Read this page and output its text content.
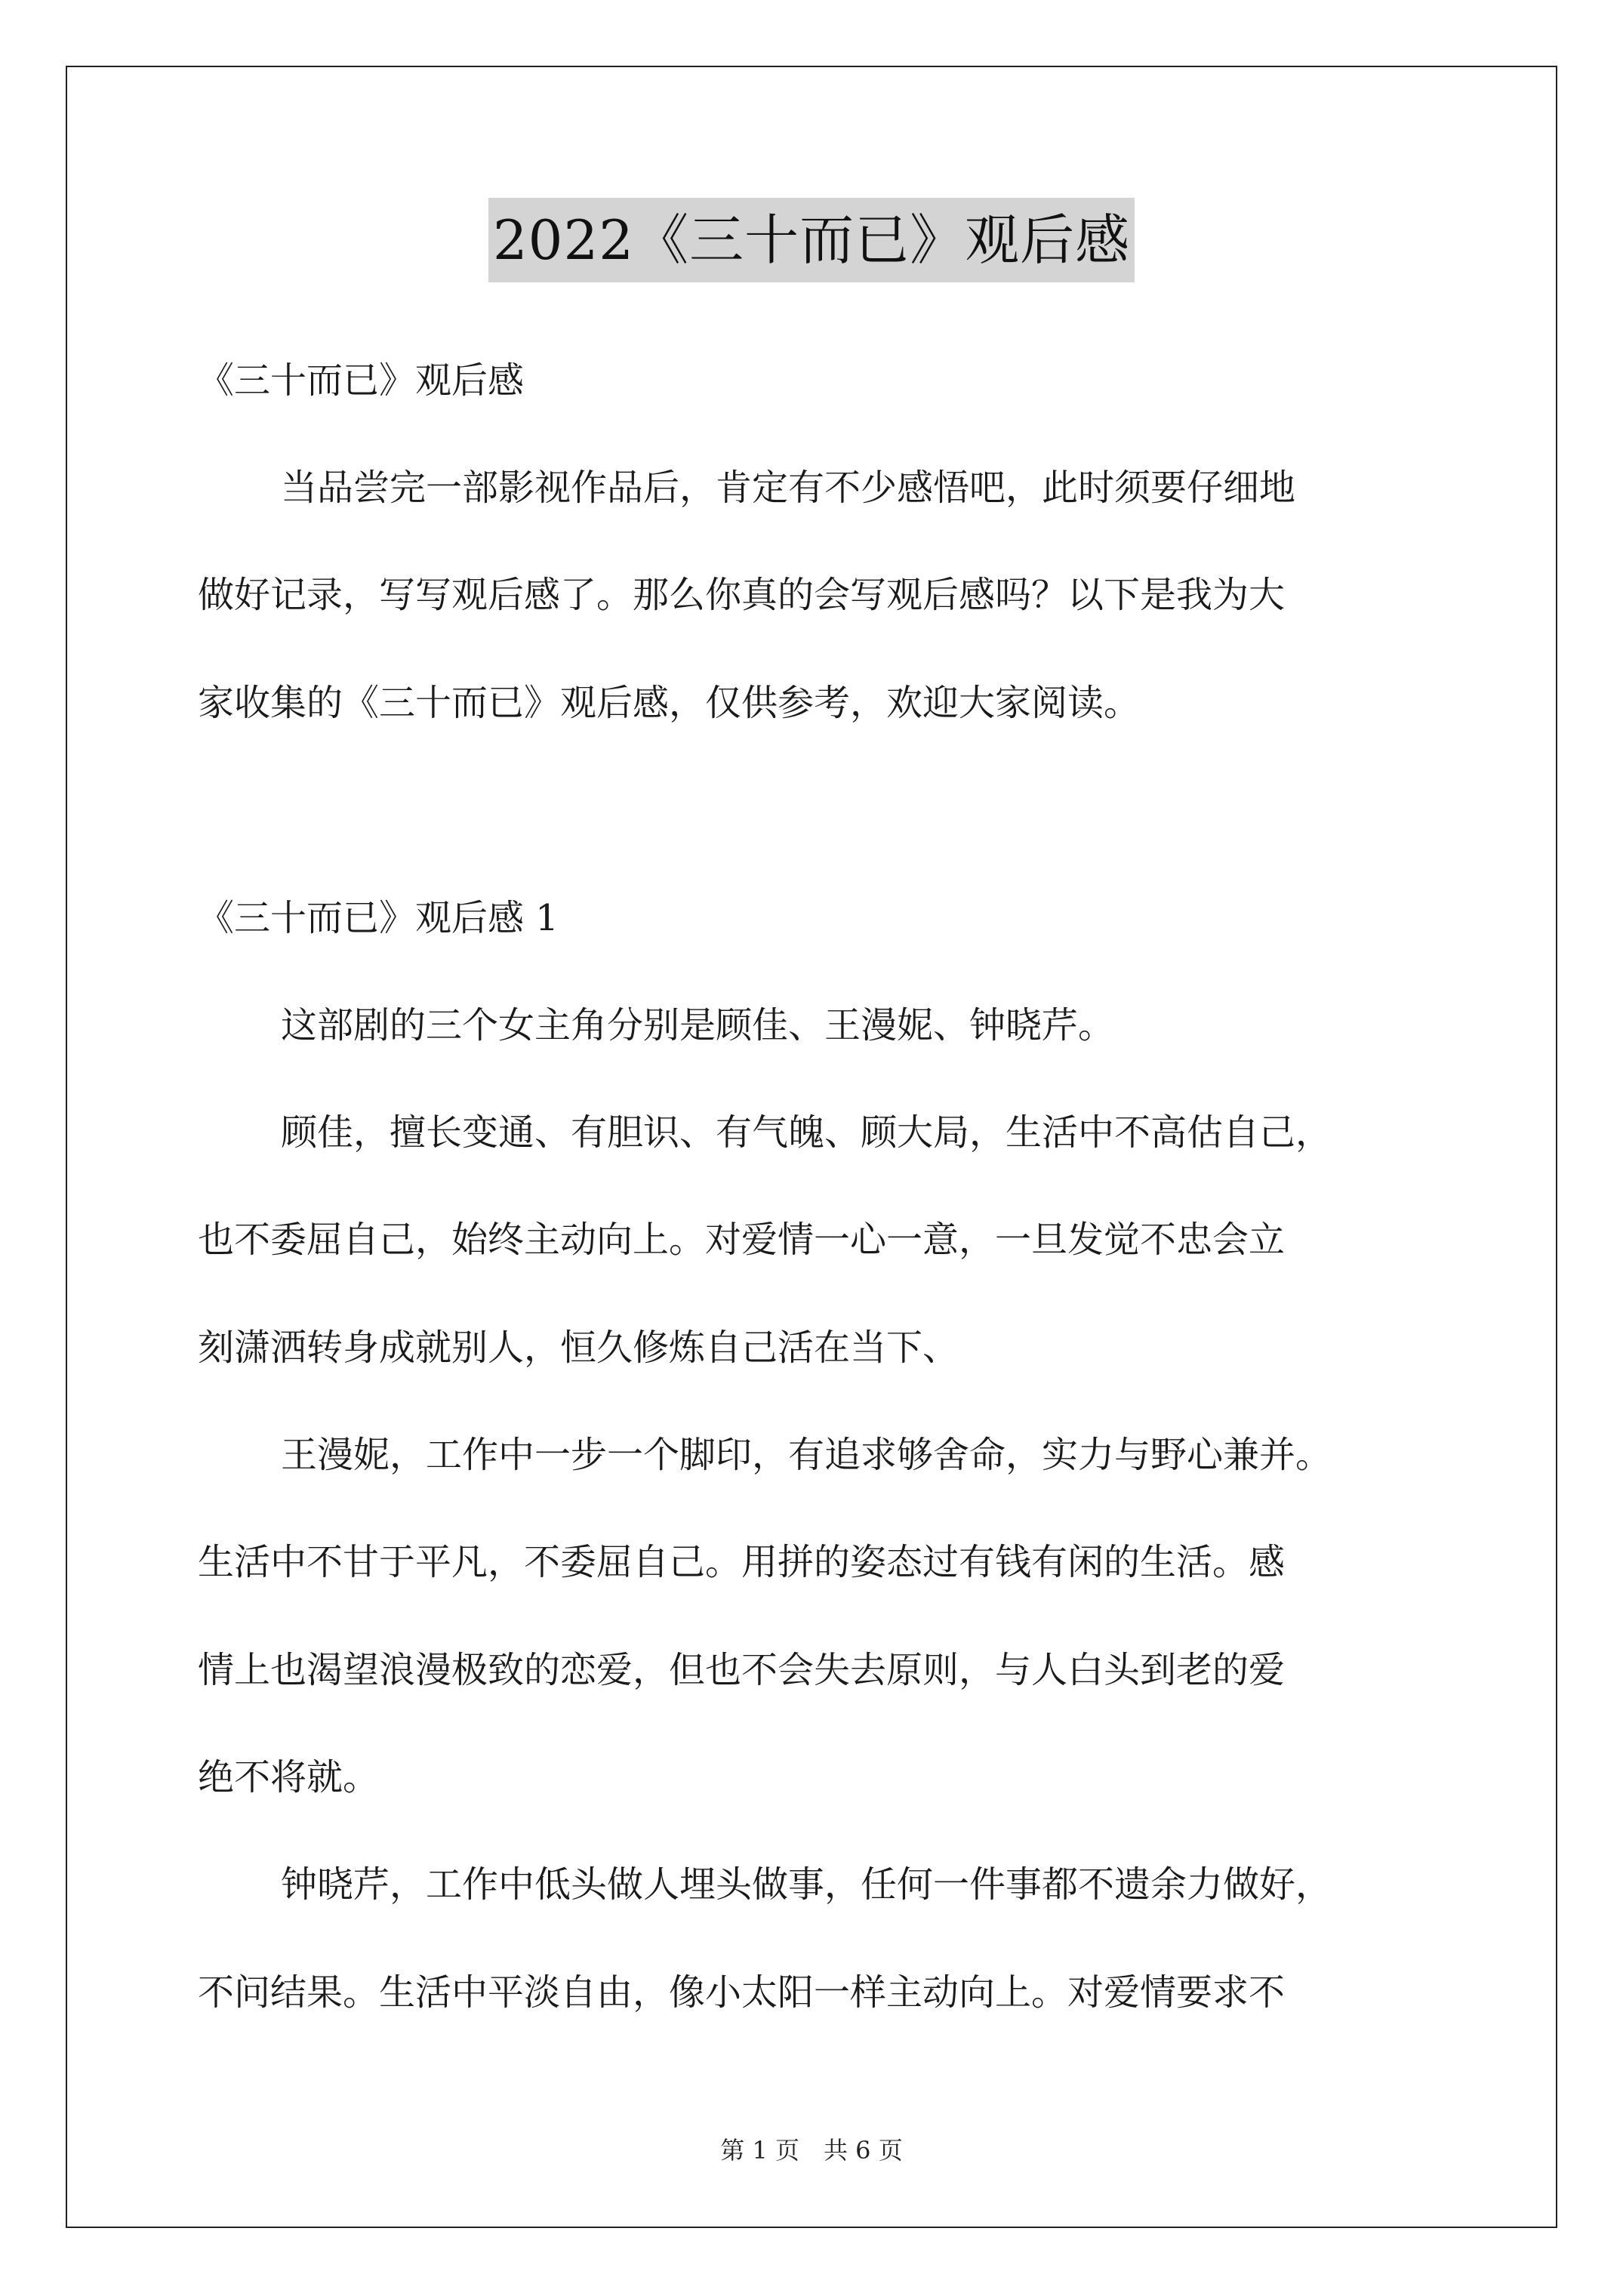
2022《三十而已》观后感
《三十而已》观后感
当品尝完一部影视作品后，肯定有不少感悟吧，此时须要仔细地
做好记录，写写观后感了。那么你真的会写观后感吗？以下是我为大
家收集的《三十而已》观后感，仅供参考，欢迎大家阅读。
《三十而已》观后感 1
这部剧的三个女主角分别是顾佳、王漫妮、钟晓芹。
顾佳，擅长变通、有胆识、有气魄、顾大局，生活中不高估自己，
也不委屈自己，始终主动向上。对爱情一心一意，一旦发觉不忠会立
刻潇洒转身成就别人，恒久修炼自己活在当下、
王漫妮，工作中一步一个脚印，有追求够舍命，实力与野心兼并。
生活中不甘于平凡，不委屈自己。用拼的姿态过有钱有闲的生活。感
情上也渴望浪漫极致的恋爱，但也不会失去原则，与人白头到老的爱
绝不将就。
钟晓芹，工作中低头做人埋头做事，任何一件事都不遗余力做好，
不问结果。生活中平淡自由，像小太阳一样主动向上。对爱情要求不
第 1 页　共 6 页
